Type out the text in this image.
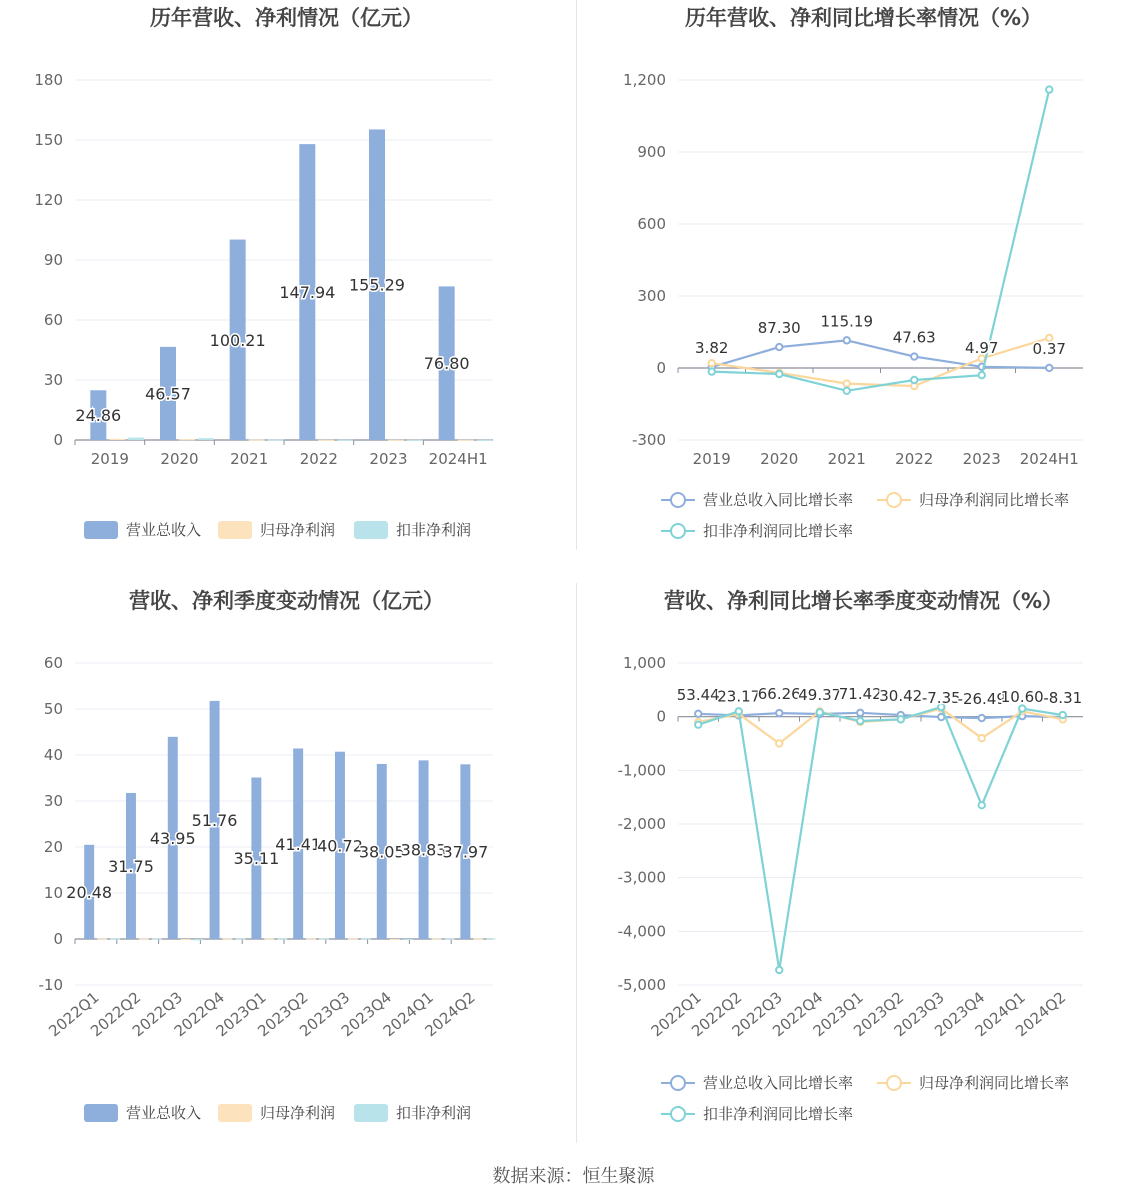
历年营收、净利情况（亿元）
0
30
60
90
120
150
180
2019 2020 2021 2022 2023 2024H1
24.86
46.57
100.21
147.94 155.29
76.80
营业总收入	归母净利润	扣非净利润
历年营收、净利同比增长率情况（%）
-300
0
300
600
900
1,200
2019 2020 2021 2022 2023 2024H1
3.82
87.30 115.19
47.63
4.97 0.37
营业总收入同比增长率	归母净利润同比增长率
扣非净利润同比增长率
营收、净利季度变动情况（亿元）
-10
0
10
20
30
40
50
60
2022Q1
2022Q2
2022Q3
2022Q4
2023Q1
2023Q2
2023Q3
2023Q4
2024Q1
2024Q2
20.48
31.75
43.95
51.76
35.11
41.41
40.72
38.05
38.83
37.97
营业总收入	归母净利润	扣非净利润
营收、净利同比增长率季度变动情况（%）
-5,000
-4,000
-3,000
-2,000
-1,000
0
1,000
2022Q1
2022Q2
2022Q3
2022Q4
2023Q1
2023Q2
2023Q3
2023Q4
2024Q1
2024Q2
53.44
23.17
66.26
49.37
71.42
30.42 -7.35
-26.49
10.60 -8.31
营业总收入同比增长率	归母净利润同比增长率
扣非净利润同比增长率
数据来源：恒生聚源
